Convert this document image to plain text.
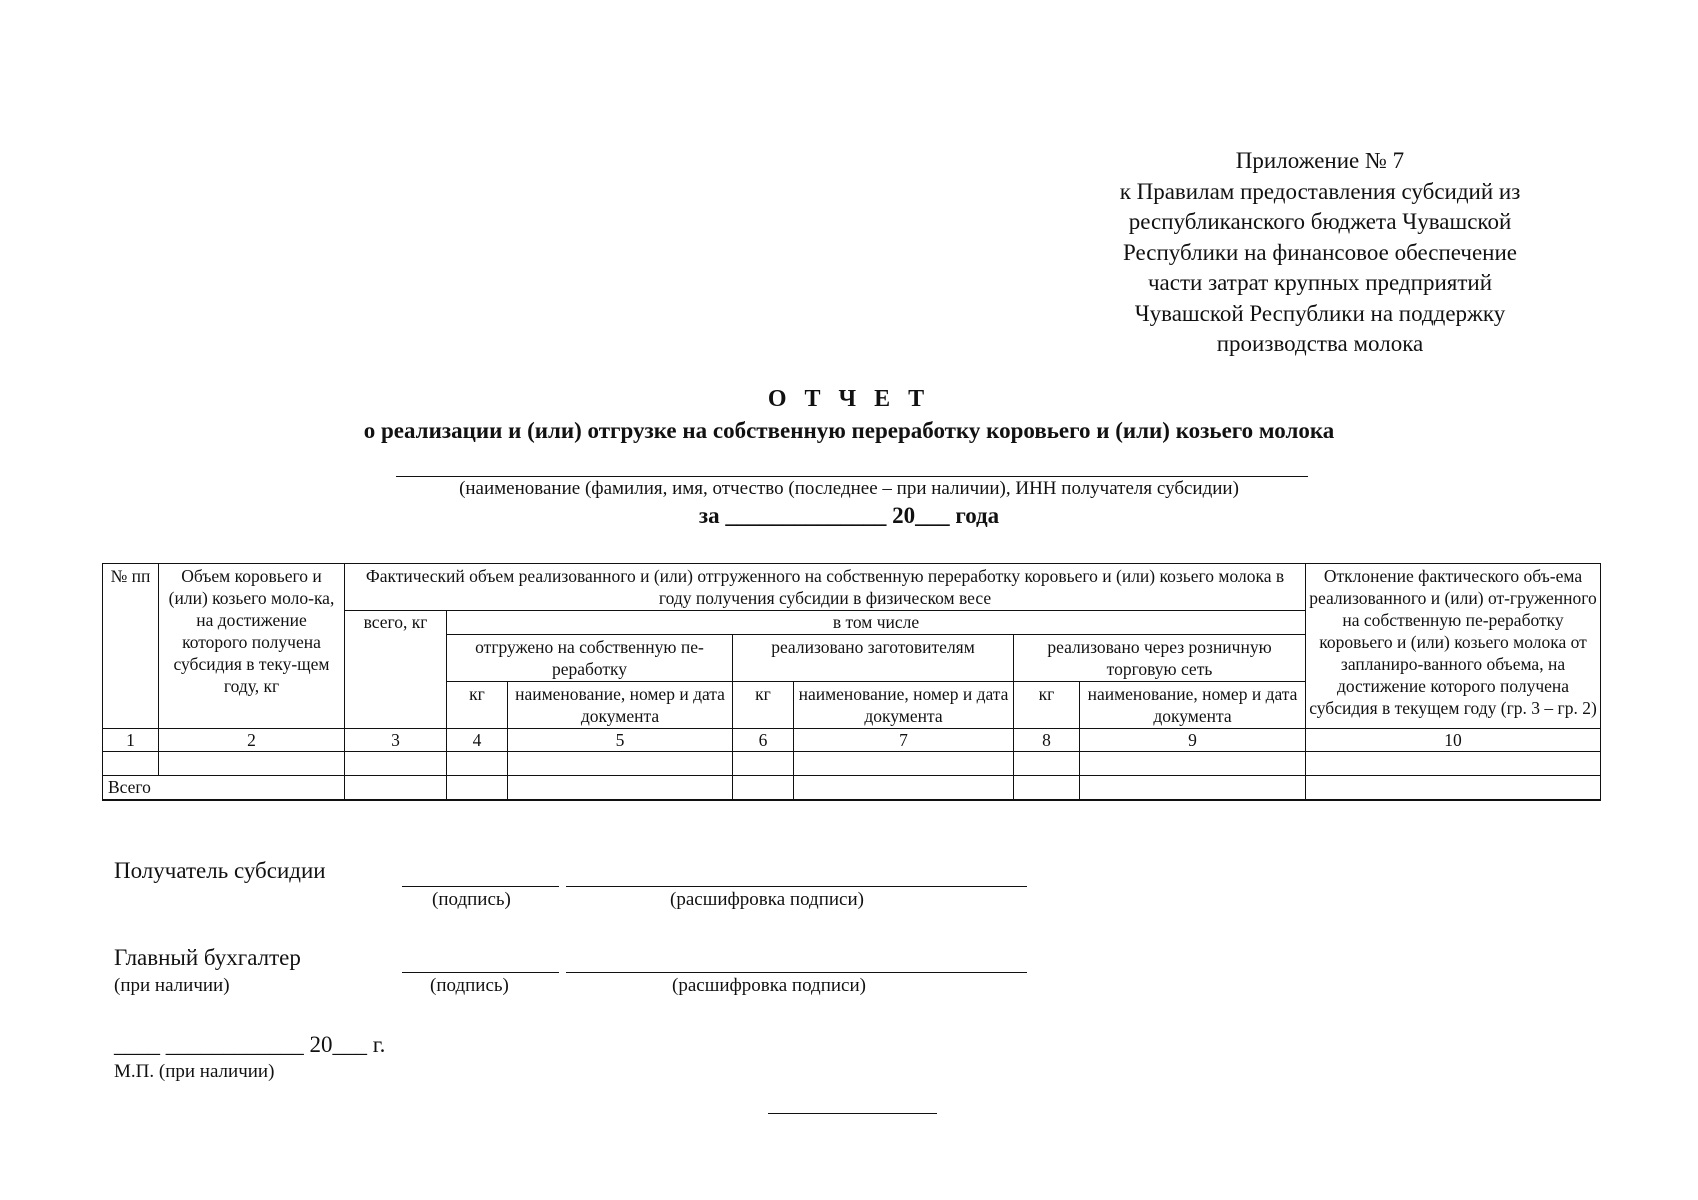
Приложение № 7
к Правилам предоставления субсидий из
республиканского бюджета Чувашской
Республики на финансовое обеспечение
части затрат крупных предприятий
Чувашской Республики на поддержку
производства молока
О Т Ч Е Т
о реализации и (или) отгрузке на собственную переработку коровьего и (или) козьего молока
(наименование (фамилия, имя, отчество (последнее – при наличии), ИНН получателя субсидии)
за ______________ 20___ года
№ пп	Объем коровьего и (или) козьего моло-ка, на достижение которого получена субсидия в теку-щем году, кг	Фактический объем реализованного и (или) отгруженного на собственную переработку коровьего и (или) козьего молока в году получения субсидии в физическом весе							Отклонение фактического объ-ема реализованного и (или) от-груженного на собственную пе-реработку коровьего и (или) козьего молока от запланиро-ванного объема, на достижение которого получена субсидия в текущем году (гр. 3 – гр. 2)
		всего, кг	в том числе						
			отгружено на собственную пе-реработку		реализовано заготовителям		реализовано через розничную торговую сеть		
			кг	наименование, номер и дата документа	кг	наименование, номер и дата документа	кг	наименование, номер и дата документа	
1	2	3	4	5	6	7	8	9	10

Всего									
Получатель субсидии
(подпись)	(расшифровка подписи)
Главный бухгалтер
(при наличии)	(подпись)	(расшифровка подписи)
____ ____________ 20___ г.
М.П. (при наличии)
